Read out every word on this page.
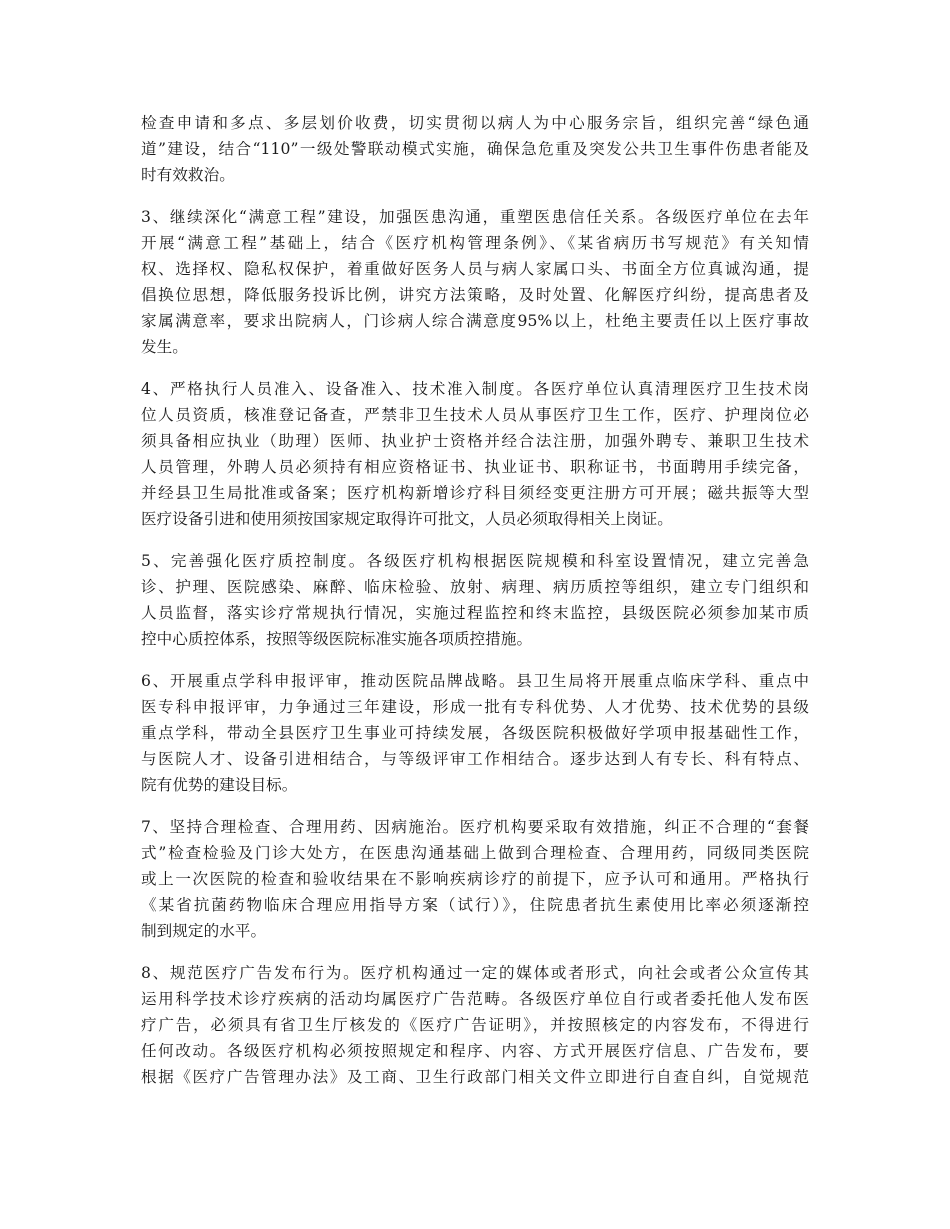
检查申请和多点、多层划价收费，切实贯彻以病人为中心服务宗旨，组织完善“绿色通
道”建设，结合“110”一级处警联动模式实施，确保急危重及突发公共卫生事件伤患者能及
时有效救治。
3、继续深化“满意工程”建设，加强医患沟通，重塑医患信任关系。各级医疗单位在去年
开展“满意工程”基础上，结合《医疗机构管理条例》、《某省病历书写规范》有关知情
权、选择权、隐私权保护，着重做好医务人员与病人家属口头、书面全方位真诚沟通，提
倡换位思想，降低服务投诉比例，讲究方法策略，及时处置、化解医疗纠纷，提高患者及
家属满意率，要求出院病人，门诊病人综合满意度95%以上，杜绝主要责任以上医疗事故
发生。
4、严格执行人员准入、设备准入、技术准入制度。各医疗单位认真清理医疗卫生技术岗
位人员资质，核准登记备查，严禁非卫生技术人员从事医疗卫生工作，医疗、护理岗位必
须具备相应执业（助理）医师、执业护士资格并经合法注册，加强外聘专、兼职卫生技术
人员管理，外聘人员必须持有相应资格证书、执业证书、职称证书，书面聘用手续完备，
并经县卫生局批准或备案；医疗机构新增诊疗科目须经变更注册方可开展；磁共振等大型
医疗设备引进和使用须按国家规定取得许可批文，人员必须取得相关上岗证。
5、完善强化医疗质控制度。各级医疗机构根据医院规模和科室设置情况，建立完善急
诊、护理、医院感染、麻醉、临床检验、放射、病理、病历质控等组织，建立专门组织和
人员监督，落实诊疗常规执行情况，实施过程监控和终末监控，县级医院必须参加某市质
控中心质控体系，按照等级医院标准实施各项质控措施。
6、开展重点学科申报评审，推动医院品牌战略。县卫生局将开展重点临床学科、重点中
医专科申报评审，力争通过三年建设，形成一批有专科优势、人才优势、技术优势的县级
重点学科，带动全县医疗卫生事业可持续发展，各级医院积极做好学项申报基础性工作，
与医院人才、设备引进相结合，与等级评审工作相结合。逐步达到人有专长、科有特点、
院有优势的建设目标。
7、坚持合理检查、合理用药、因病施治。医疗机构要采取有效措施，纠正不合理的“套餐
式”检查检验及门诊大处方，在医患沟通基础上做到合理检查、合理用药，同级同类医院
或上一次医院的检查和验收结果在不影响疾病诊疗的前提下，应予认可和通用。严格执行
《某省抗菌药物临床合理应用指导方案（试行）》，住院患者抗生素使用比率必须逐渐控
制到规定的水平。
8、规范医疗广告发布行为。医疗机构通过一定的媒体或者形式，向社会或者公众宣传其
运用科学技术诊疗疾病的活动均属医疗广告范畴。各级医疗单位自行或者委托他人发布医
疗广告，必须具有省卫生厅核发的《医疗广告证明》，并按照核定的内容发布，不得进行
任何改动。各级医疗机构必须按照规定和程序、内容、方式开展医疗信息、广告发布，要
根据《医疗广告管理办法》及工商、卫生行政部门相关文件立即进行自查自纠，自觉规范
